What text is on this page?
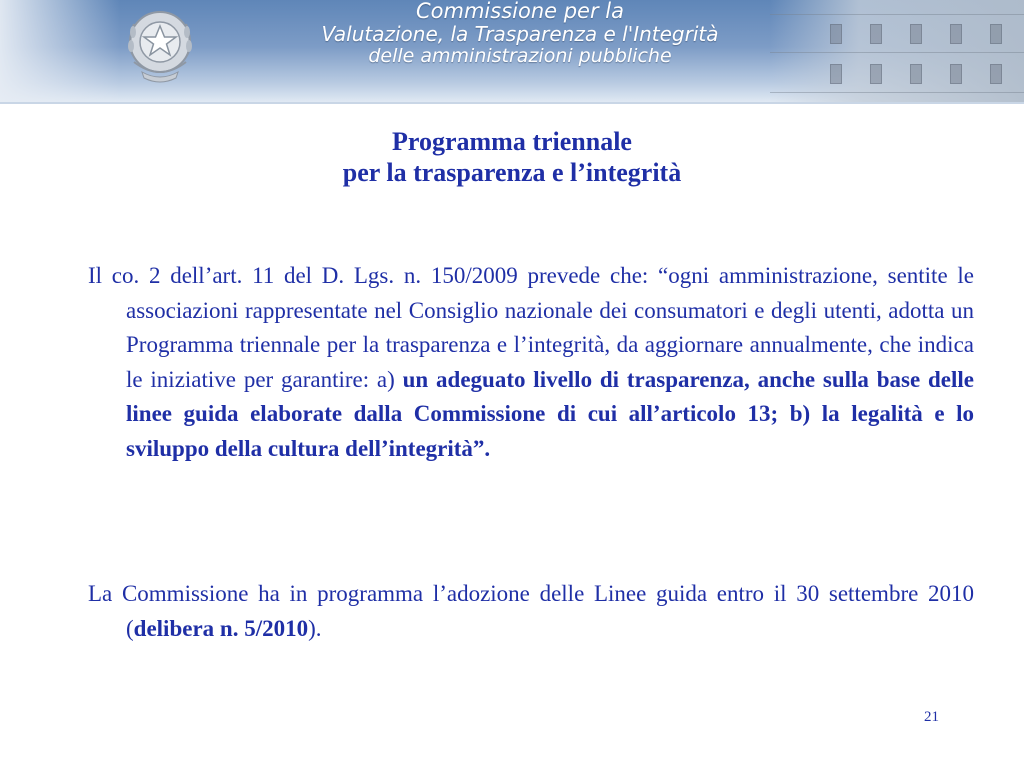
Commissione per la
Valutazione, la Trasparenza e l'Integrità
delle amministrazioni pubbliche
Programma triennale
per la trasparenza e l’integrità
Il co. 2 dell’art. 11 del D. Lgs. n. 150/2009 prevede che: “ogni amministrazione, sentite le associazioni rappresentate nel Consiglio nazionale dei consumatori e degli utenti, adotta un Programma triennale per la trasparenza e l’integrità, da aggiornare annualmente, che indica le iniziative per garantire: a) un adeguato livello di trasparenza, anche sulla base delle linee guida elaborate dalla Commissione di cui all’articolo 13; b) la legalità e lo sviluppo della cultura dell’integrità”.
La Commissione ha in programma l’adozione delle Linee guida entro il 30 settembre 2010 (delibera n. 5/2010).
21
